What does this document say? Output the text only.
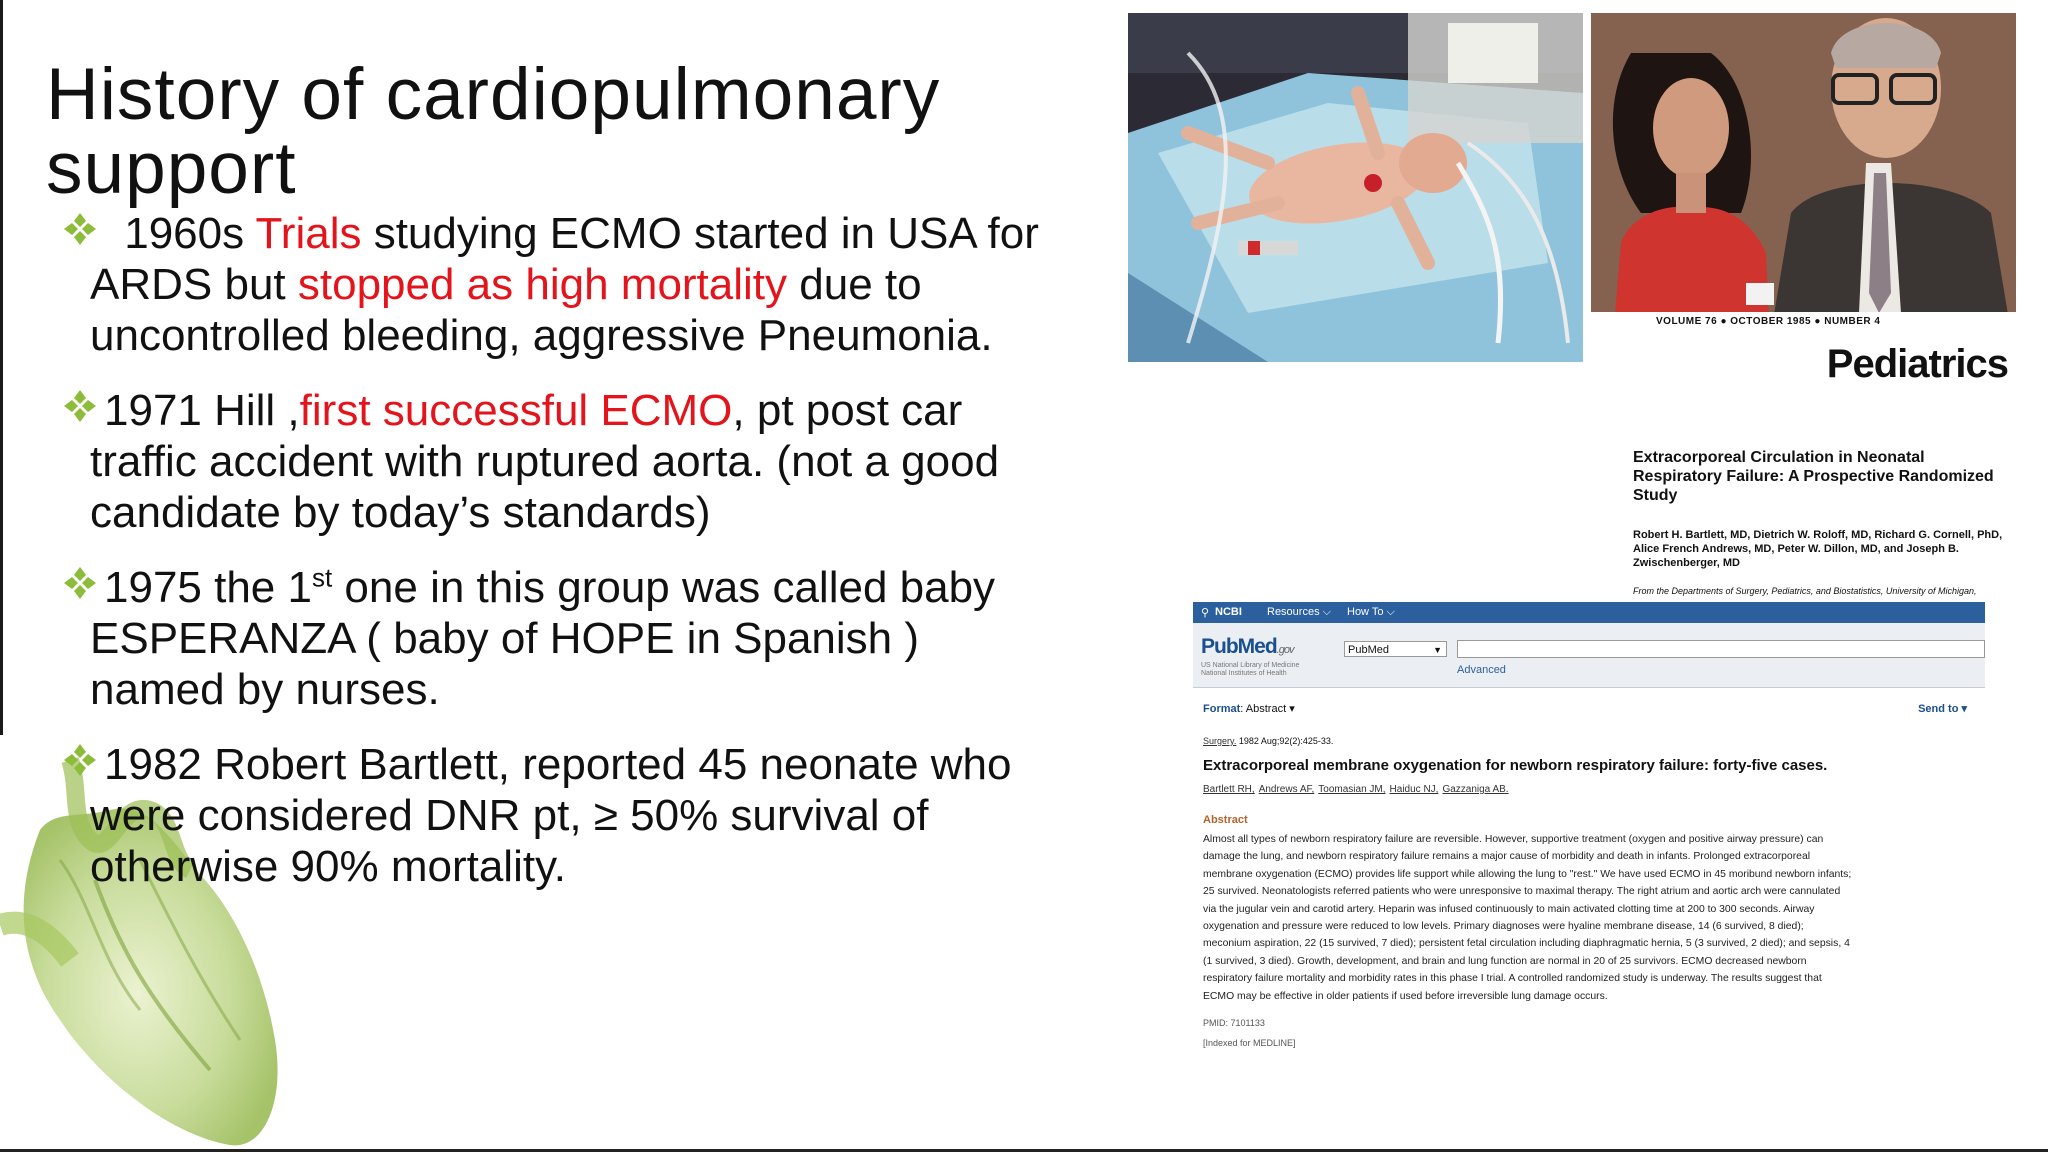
History of cardiopulmonary support
1960s Trials studying ECMO started in USA for
ARDS but stopped as high mortality due to
uncontrolled bleeding, aggressive Pneumonia.
1971 Hill ,first successful ECMO, pt post car
traffic accident with ruptured aorta. (not a good
candidate by today’s standards)
1975 the 1st one in this group was called baby
ESPERANZA ( baby of HOPE in Spanish )
named by nurses.
1982 Robert Bartlett, reported 45 neonate who
were considered DNR pt, ≥ 50% survival of
otherwise 90% mortality.
VOLUME 76 ● OCTOBER 1985 ● NUMBER 4
Pediatrics
Extracorporeal Circulation in Neonatal Respiratory Failure: A Prospective Randomized Study
Robert H. Bartlett, MD, Dietrich W. Roloff, MD, Richard G. Cornell, PhD, Alice French Andrews, MD, Peter W. Dillon, MD, and Joseph B. Zwischenberger, MD
From the Departments of Surgery, Pediatrics, and Biostatistics, University of Michigan,
⚲ NCBI Resources ⌵ How To ⌵
PubMed.gov
US National Library of Medicine
National Institutes of Health
PubMed	▼
Advanced
Format: Abstract ▾	Send to ▾
Surgery. 1982 Aug;92(2):425-33.
Extracorporeal membrane oxygenation for newborn respiratory failure: forty-five cases.
Bartlett RH, Andrews AF, Toomasian JM, Haiduc NJ, Gazzaniga AB.
Abstract
Almost all types of newborn respiratory failure are reversible. However, supportive treatment (oxygen and positive airway pressure) can
damage the lung, and newborn respiratory failure remains a major cause of morbidity and death in infants. Prolonged extracorporeal
membrane oxygenation (ECMO) provides life support while allowing the lung to "rest." We have used ECMO in 45 moribund newborn infants;
25 survived. Neonatologists referred patients who were unresponsive to maximal therapy. The right atrium and aortic arch were cannulated
via the jugular vein and carotid artery. Heparin was infused continuously to main activated clotting time at 200 to 300 seconds. Airway
oxygenation and pressure were reduced to low levels. Primary diagnoses were hyaline membrane disease, 14 (6 survived, 8 died);
meconium aspiration, 22 (15 survived, 7 died); persistent fetal circulation including diaphragmatic hernia, 5 (3 survived, 2 died); and sepsis, 4
(1 survived, 3 died). Growth, development, and brain and lung function are normal in 20 of 25 survivors. ECMO decreased newborn
respiratory failure mortality and morbidity rates in this phase I trial. A controlled randomized study is underway. The results suggest that
ECMO may be effective in older patients if used before irreversible lung damage occurs.
PMID: 7101133
[Indexed for MEDLINE]
